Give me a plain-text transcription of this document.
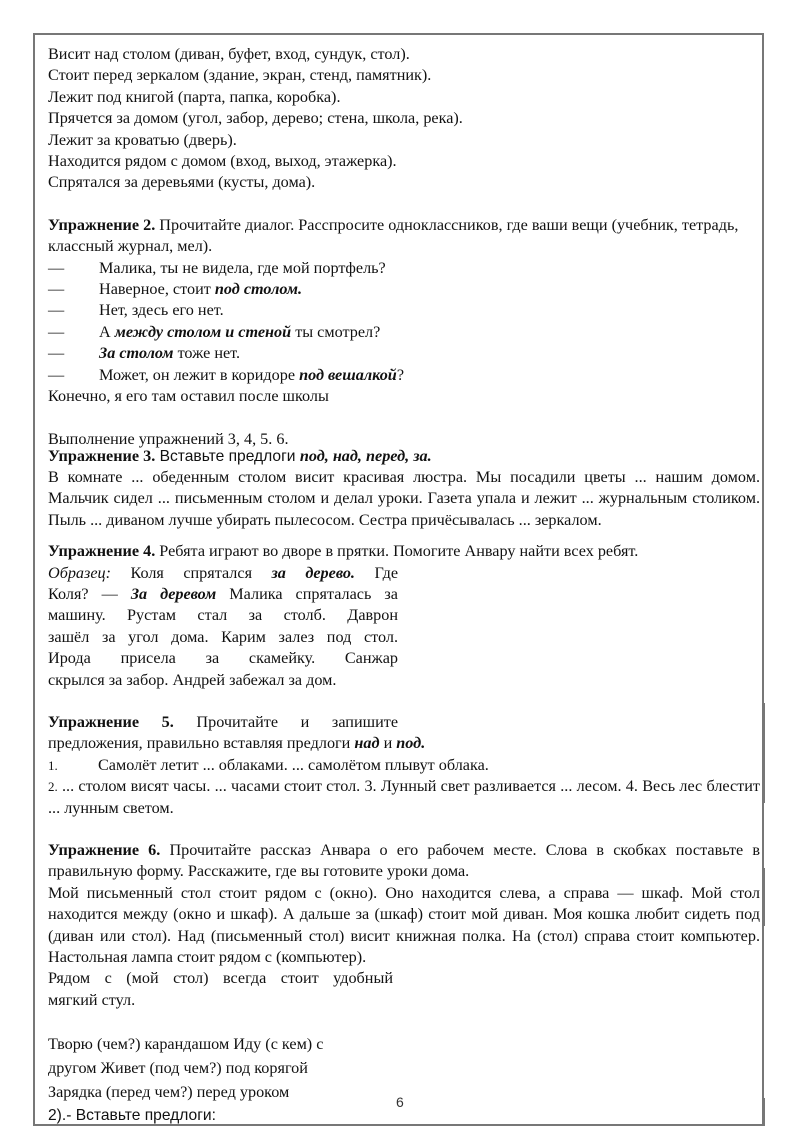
Висит над столом (диван, буфет, вход, сундук, стол).

Стоит перед зеркалом (здание, экран, стенд, памятник).

Лежит под книгой (парта, папка, коробка).

Прячется за домом (угол, забор, дерево; стена, школа, река).

Лежит за кроватью (дверь).

Находится рядом с домом (вход, выход, этажерка).

Спрятался за деревьями (кусты, дома).

Упражнение 2. Прочитайте диалог. Расспросите одноклассников, где ваши вещи (учебник, тетрадь, классный журнал, мел).

—	Малика, ты не видела, где мой портфель?
—	Наверное, стоит под столом.
—	Нет, здесь его нет.
—	А между столом и стеной ты смотрел?
—	За столом тоже нет.
—	Может, он лежит в коридоре под вешалкой?

Конечно, я его там оставил после школы

Выполнение упражнений 3, 4, 5. 6.

Упражнение 3. Вставьте предлоги под, над, перед, за.

В комнате ... обеденным столом висит красивая люстра. Мы посадили цветы ... нашим домом. Мальчик сидел ... письменным столом и делал уроки. Газета упала и лежит ... журнальным столиком. Пыль ... диваном лучше убирать пылесосом. Сестра причёсывалась ... зеркалом.

Упражнение 4. Ребята играют во дворе в прятки. Помогите Анвару найти всех ребят.

Образец: Коля спрятался за дерево. Где

Коля? — За деревом Малика спряталась за

машину. Рустам стал за столб. Даврон

зашёл за угол дома. Карим залез под стол.

Ирода присела за скамейку. Санжар

скрылся за забор. Андрей забежал за дом.

Упражнение 5. Прочитайте и запишите

предложения, правильно вставляя предлоги над и под.

1. Самолёт летит ... облаками. ... самолётом плывут облака.

2. ... столом висят часы. ... часами стоит стол. 3. Лунный свет разливается ... лесом. 4. Весь лес блестит ... лунным светом.

Упражнение 6. Прочитайте рассказ Анвара о его рабочем месте. Слова в скобках поставьте в правильную форму. Расскажите, где вы готовите уроки дома.

Мой письменный стол стоит рядом с (окно). Оно находится слева, а справа — шкаф. Мой стол находится между (окно и шкаф). А дальше за (шкаф) стоит мой диван. Моя кошка любит сидеть под (диван или стол). Над (письменный стол) висит книжная полка. На (стол) справа стоит компьютер. Настольная лампа стоит рядом с (компьютер).

Рядом с (мой стол) всегда стоит удобный

мягкий стул.

Творю (чем?) карандашом Иду (с кем) с

другом Живет (под чем?) под корягой

Зарядка (перед чем?) перед уроком

2).- Вставьте предлоги:

6
